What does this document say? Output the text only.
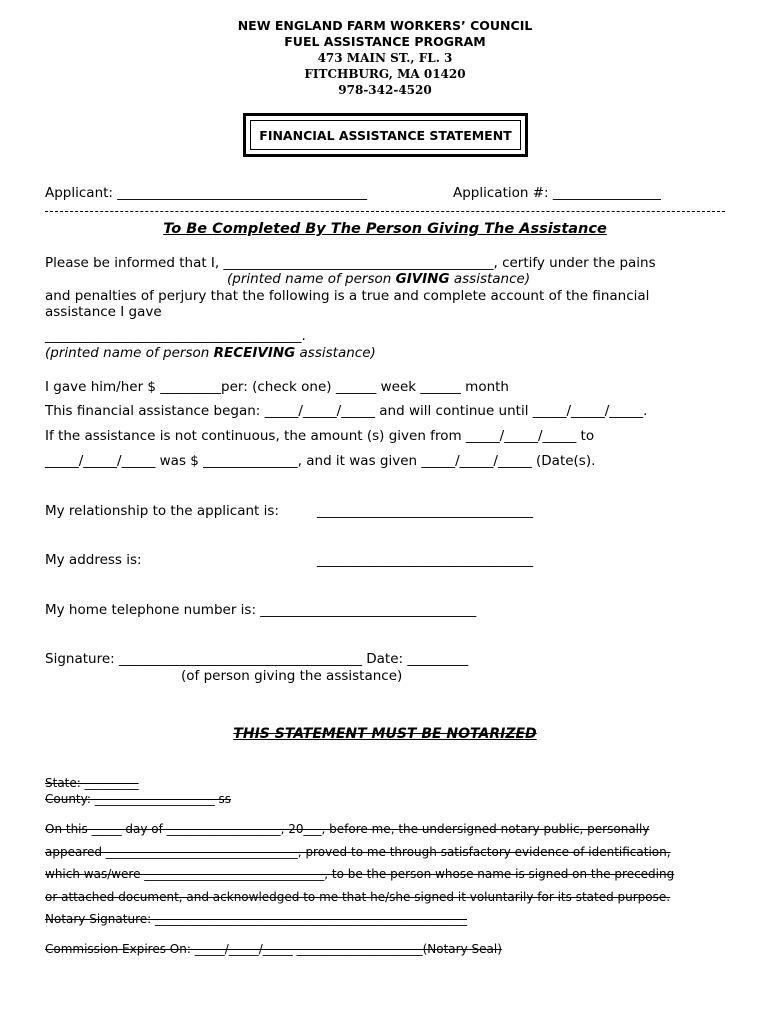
NEW ENGLAND FARM WORKERS’ COUNCIL
FUEL ASSISTANCE PROGRAM
473 MAIN ST., FL. 3
FITCHBURG, MA 01420
978-342-4520
FINANCIAL ASSISTANCE STATEMENT
Applicant: _____________________________________	Application #: ________________
To Be Completed By The Person Giving The Assistance
Please be informed that I, ________________________________________, certify under the pains
(printed name of person GIVING assistance)
and penalties of perjury that the following is a true and complete account of the financial
assistance I gave
______________________________________.
(printed name of person RECEIVING assistance)
I gave him/her $ _________per: (check one) ______ week ______ month
This financial assistance began: _____/_____/_____ and will continue until _____/_____/_____.
If the assistance is not continuous, the amount (s) given from _____/_____/_____ to
_____/_____/_____ was $ ______________, and it was given _____/_____/_____ (Date(s).
My relationship to the applicant is:	________________________________
My address is:	________________________________
My home telephone number is: ________________________________
Signature: ____________________________________ Date: _________
(of person giving the assistance)
THIS STATEMENT MUST BE NOTARIZED
State: _________
County: ____________________ ss
On this _____ day of ___________________, 20___, before me, the undersigned notary public, personally
appeared ________________________________, proved to me through satisfactory evidence of identification,
which was/were ______________________________, to be the person whose name is signed on the preceding
or attached document, and acknowledged to me that he/she signed it voluntarily for its stated purpose.
Notary Signature: ____________________________________________________
Commission Expires On: _____/_____/_____ _____________________(Notary Seal)
